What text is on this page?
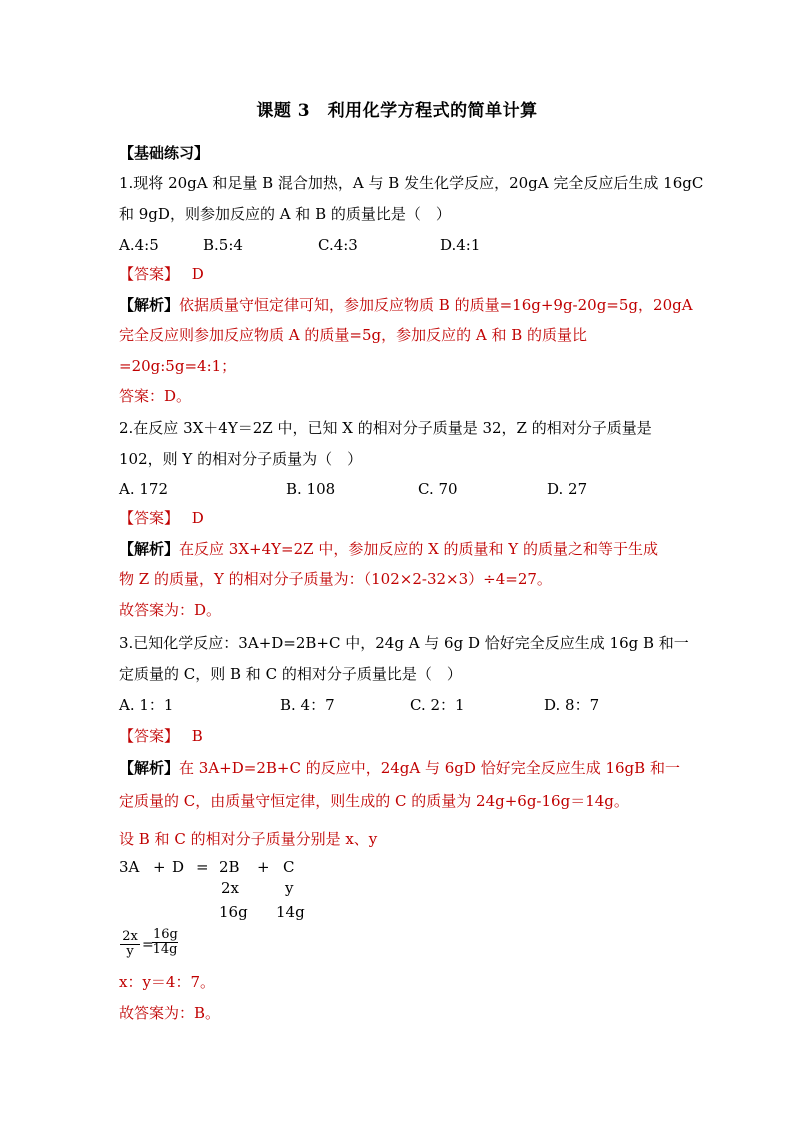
课题 3　利用化学方程式的简单计算
【基础练习】
1.现将 20gA 和足量 B 混合加热，A 与 B 发生化学反应，20gA 完全反应后生成 16gC
和 9gD，则参加反应的 A 和 B 的质量比是（　）
A.4:5	B.5:4	C.4:3	D.4:1
【答案】 D
【解析】依据质量守恒定律可知，参加反应物质 B 的质量=16g+9g-20g=5g，20gA
完全反应则参加反应物质 A 的质量=5g，参加反应的 A 和 B 的质量比
=20g:5g=4:1；
答案：D。
2.在反应 3X＋4Y＝2Z 中，已知 X 的相对分子质量是 32，Z 的相对分子质量是
102，则 Y 的相对分子质量为（　）
A. 172	B. 108	C. 70	D. 27
【答案】 D
【解析】在反应 3X+4Y=2Z 中，参加反应的 X 的质量和 Y 的质量之和等于生成
物 Z 的质量，Y 的相对分子质量为：（102×2-32×3）÷4=27。
故答案为：D。
3.已知化学反应：3A+D=2B+C 中，24g A 与 6g D 恰好完全反应生成 16g B 和一
定质量的 C，则 B 和 C 的相对分子质量比是（　）
A. 1：1	B. 4：7	C. 2：1	D. 8：7
【答案】 B
【解析】在 3A+D=2B+C 的反应中，24gA 与 6gD 恰好完全反应生成 16gB 和一
定质量的 C，由质量守恒定律，则生成的 C 的质量为 24g+6g-16g＝14g。
设 B 和 C 的相对分子质量分别是 x、y
3A + D = 2B + C
2x	y
16g 14g
$\frac{2x}{y}$ =
$\frac{16g}{14g}$
x：y＝4：7。
故答案为：B。
